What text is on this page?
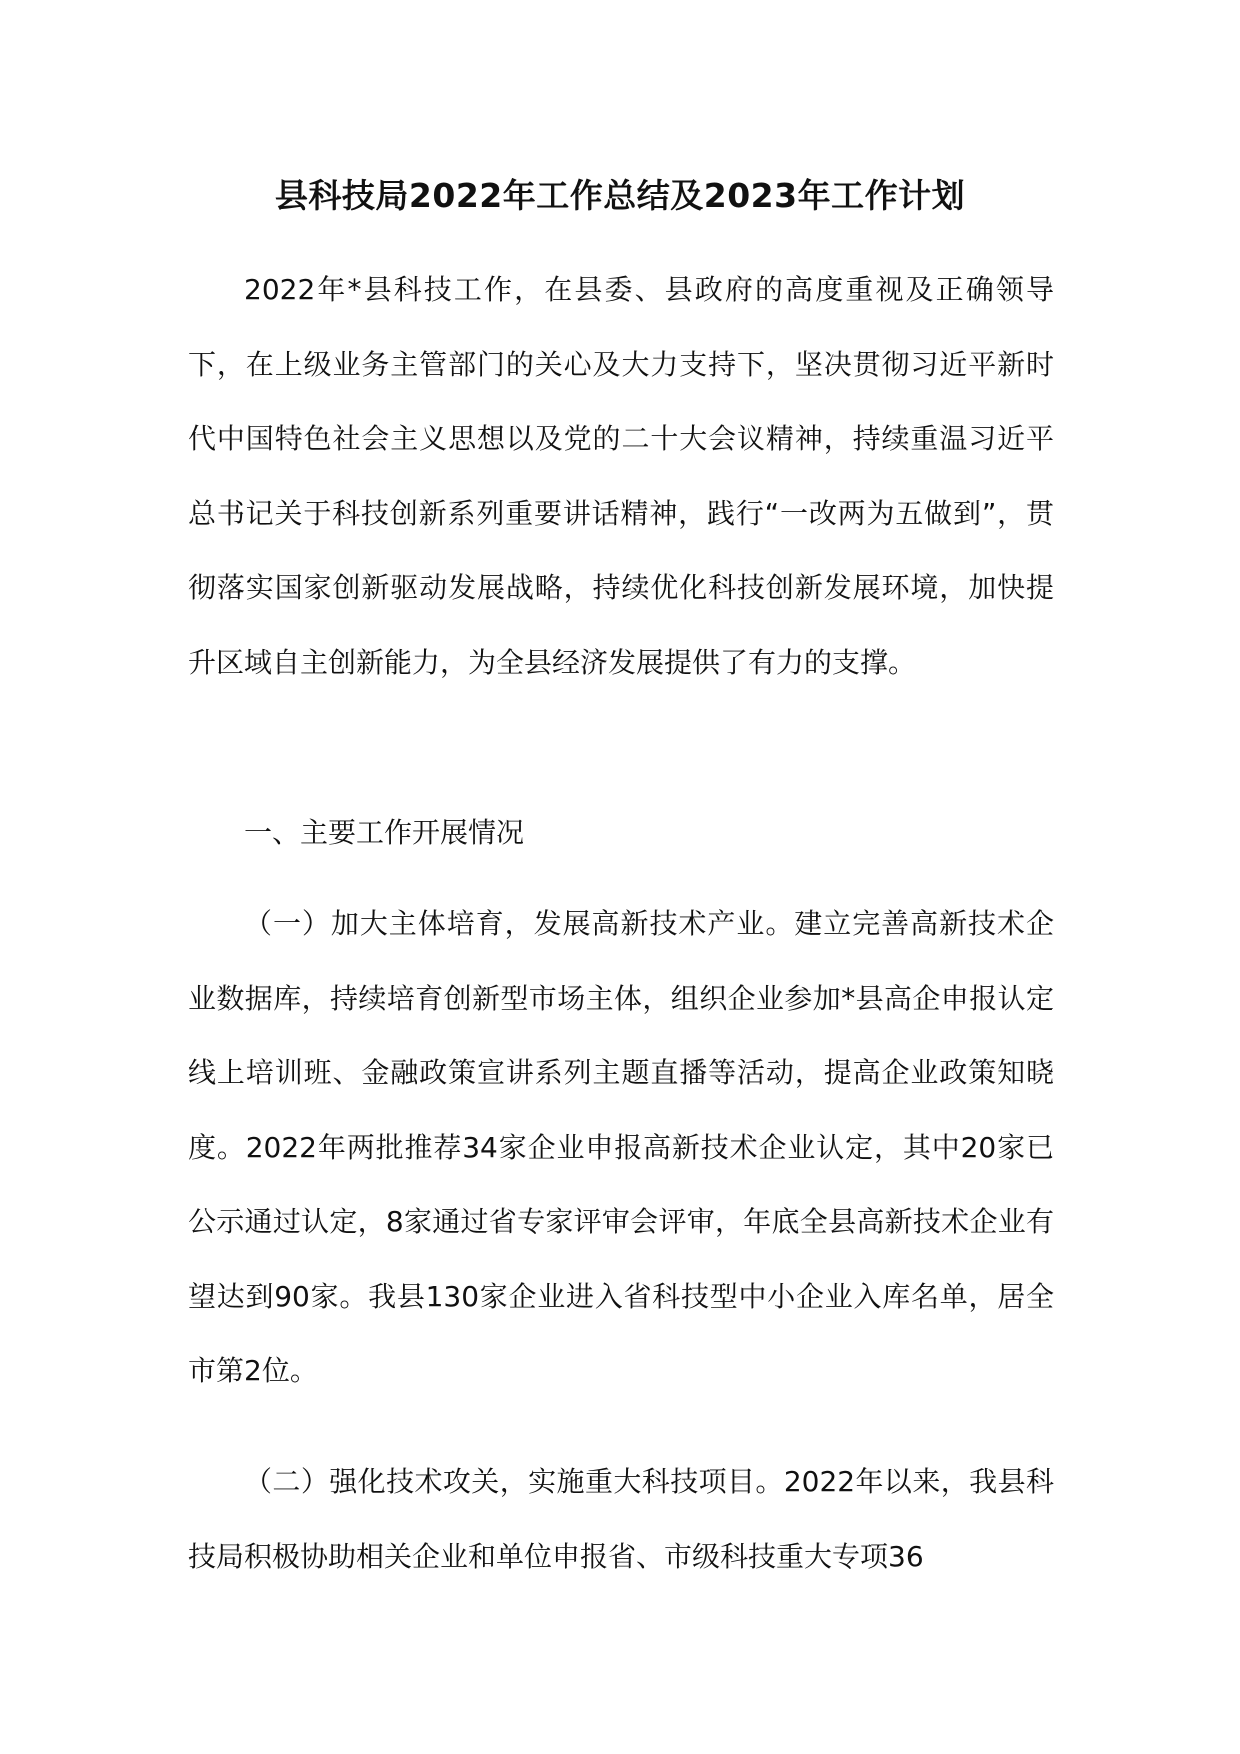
县科技局2022年工作总结及2023年工作计划

2022年*县科技工作，在县委、县政府的高度重视及正确领导下，在上级业务主管部门的关心及大力支持下，坚决贯彻习近平新时代中国特色社会主义思想以及党的二十大会议精神，持续重温习近平总书记关于科技创新系列重要讲话精神，践行“一改两为五做到”，贯彻落实国家创新驱动发展战略，持续优化科技创新发展环境，加快提升区域自主创新能力，为全县经济发展提供了有力的支撑。

一、主要工作开展情况

（一）加大主体培育，发展高新技术产业。建立完善高新技术企业数据库，持续培育创新型市场主体，组织企业参加*县高企申报认定线上培训班、金融政策宣讲系列主题直播等活动，提高企业政策知晓度。2022年两批推荐34家企业申报高新技术企业认定，其中20家已公示通过认定，8家通过省专家评审会评审，年底全县高新技术企业有望达到90家。我县130家企业进入省科技型中小企业入库名单，居全市第2位。

（二）强化技术攻关，实施重大科技项目。2022年以来，我县科技局积极协助相关企业和单位申报省、市级科技重大专项36
